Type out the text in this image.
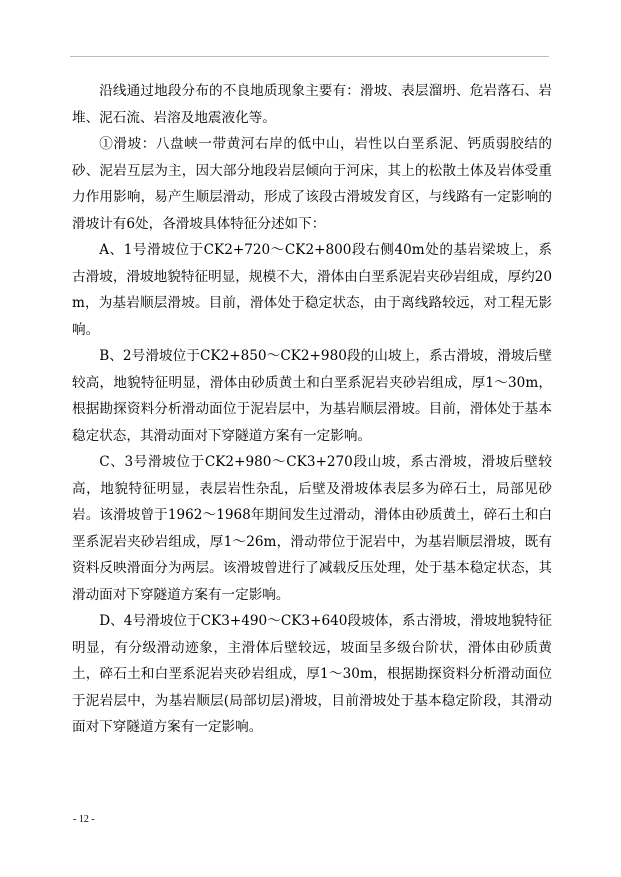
沿线通过地段分布的不良地质现象主要有：滑坡、表层溜坍、危岩落石、岩堆、泥石流、岩溶及地震液化等。

①滑坡：八盘峡一带黄河右岸的低中山，岩性以白垩系泥、钙质弱胶结的砂、泥岩互层为主，因大部分地段岩层倾向于河床，其上的松散土体及岩体受重力作用影响，易产生顺层滑动，形成了该段古滑坡发育区，与线路有一定影响的滑坡计有6处，各滑坡具体特征分述如下：

A、1号滑坡位于CK2+720～CK2+800段右侧40m处的基岩梁坡上，系古滑坡，滑坡地貌特征明显，规模不大，滑体由白垩系泥岩夹砂岩组成，厚约20m，为基岩顺层滑坡。目前，滑体处于稳定状态，由于离线路较远，对工程无影响。

B、2号滑坡位于CK2+850～CK2+980段的山坡上，系古滑坡，滑坡后壁较高，地貌特征明显，滑体由砂质黄土和白垩系泥岩夹砂岩组成，厚1～30m，根据勘探资料分析滑动面位于泥岩层中，为基岩顺层滑坡。目前，滑体处于基本稳定状态，其滑动面对下穿隧道方案有一定影响。

C、3号滑坡位于CK2+980～CK3+270段山坡，系古滑坡，滑坡后壁较高，地貌特征明显，表层岩性杂乱，后壁及滑坡体表层多为碎石土，局部见砂岩。该滑坡曾于1962～1968年期间发生过滑动，滑体由砂质黄土，碎石土和白垩系泥岩夹砂岩组成，厚1～26m，滑动带位于泥岩中，为基岩顺层滑坡，既有资料反映滑面分为两层。该滑坡曾进行了减载反压处理，处于基本稳定状态，其滑动面对下穿隧道方案有一定影响。

D、4号滑坡位于CK3+490～CK3+640段坡体，系古滑坡，滑坡地貌特征明显，有分级滑动迹象，主滑体后壁较远，坡面呈多级台阶状，滑体由砂质黄土，碎石土和白垩系泥岩夹砂岩组成，厚1～30m，根据勘探资料分析滑动面位于泥岩层中，为基岩顺层(局部切层)滑坡，目前滑坡处于基本稳定阶段，其滑动面对下穿隧道方案有一定影响。

- 12 -
